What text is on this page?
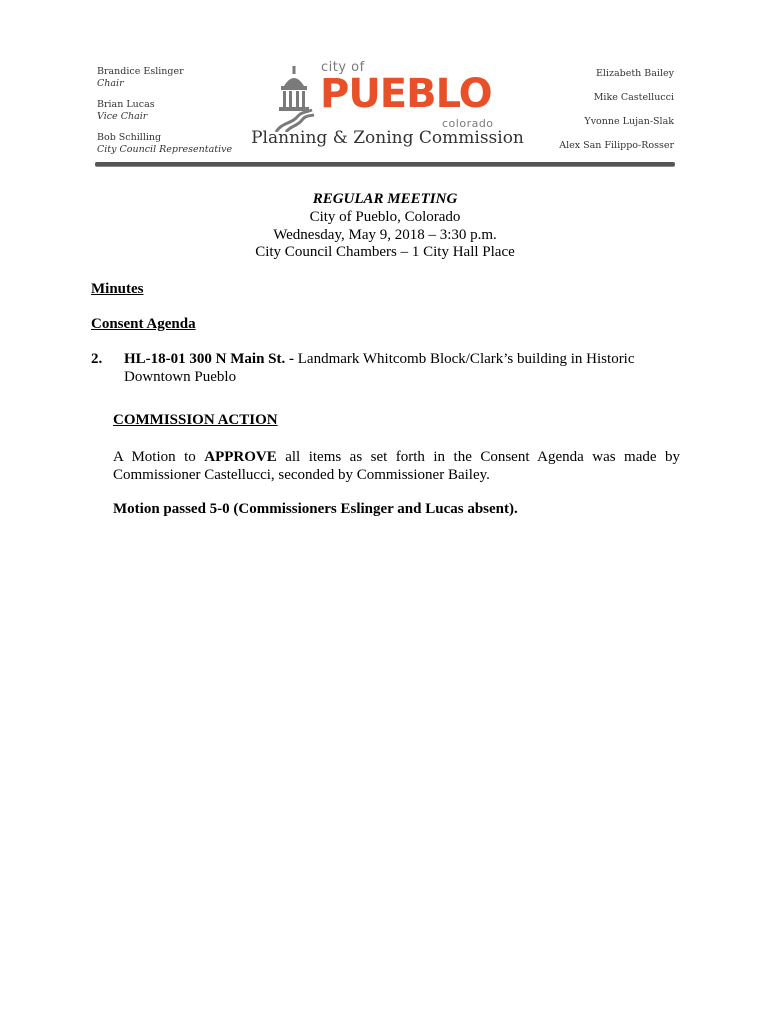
Brandice Eslinger
Chair
Brian Lucas
Vice Chair
Bob Schilling
City Council Representative
city of
PUEBLO
colorado
Planning & Zoning Commission
Elizabeth Bailey
Mike Castellucci
Yvonne Lujan-Slak
Alex San Filippo-Rosser
REGULAR MEETING
City of Pueblo, Colorado
Wednesday, May 9, 2018 – 3:30 p.m.
City Council Chambers – 1 City Hall Place
Minutes
Consent Agenda
2. HL-18-01 300 N Main St. - Landmark Whitcomb Block/Clark’s building in Historic Downtown Pueblo
COMMISSION ACTION
A Motion to APPROVE all items as set forth in the Consent Agenda was made by Commissioner Castellucci, seconded by Commissioner Bailey.
Motion passed 5-0 (Commissioners Eslinger and Lucas absent).
